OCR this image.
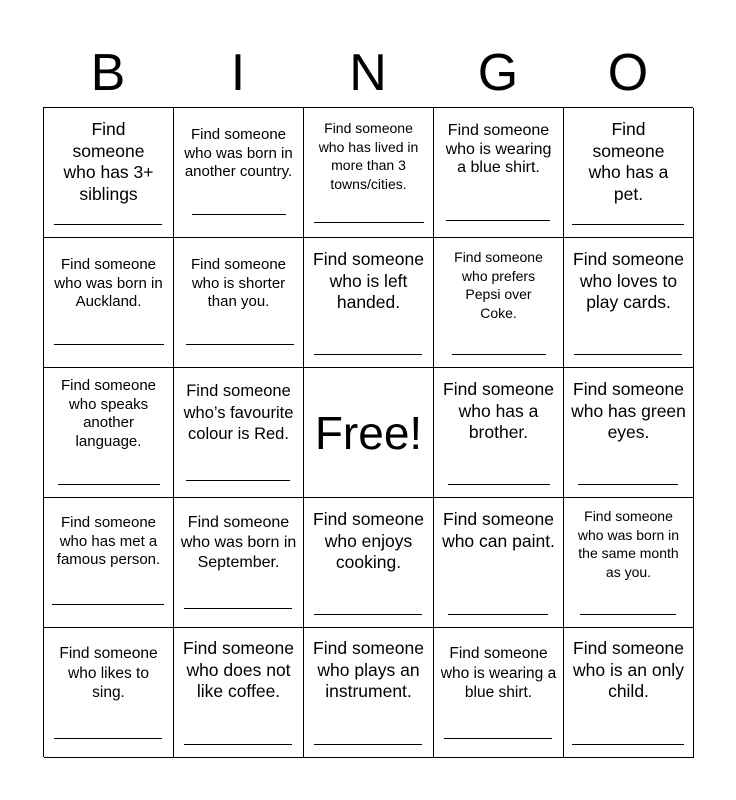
B	I	N	G	O
Find someone who has 3+ siblings
Find someone who was born in another country.
Find someone who has lived in more than 3 towns/cities.
Find someone who is wearing a blue shirt.
Find someone who has a pet.
Find someone who was born in Auckland.
Find someone who is shorter than you.
Find someone who is left handed.
Find someone who prefers Pepsi over Coke.
Find someone who loves to play cards.
Find someone who speaks another language.
Find someone who’s favourite colour is Red. Free!
Find someone who has a brother.
Find someone who has green eyes.
Find someone who has met a famous person.
Find someone who was born in September.
Find someone who enjoys cooking.
Find someone who can paint.
Find someone who was born in the same month as you.
Find someone who likes to sing.
Find someone who does not like coffee.
Find someone who plays an instrument.
Find someone who is wearing a blue shirt.
Find someone who is an only child.
